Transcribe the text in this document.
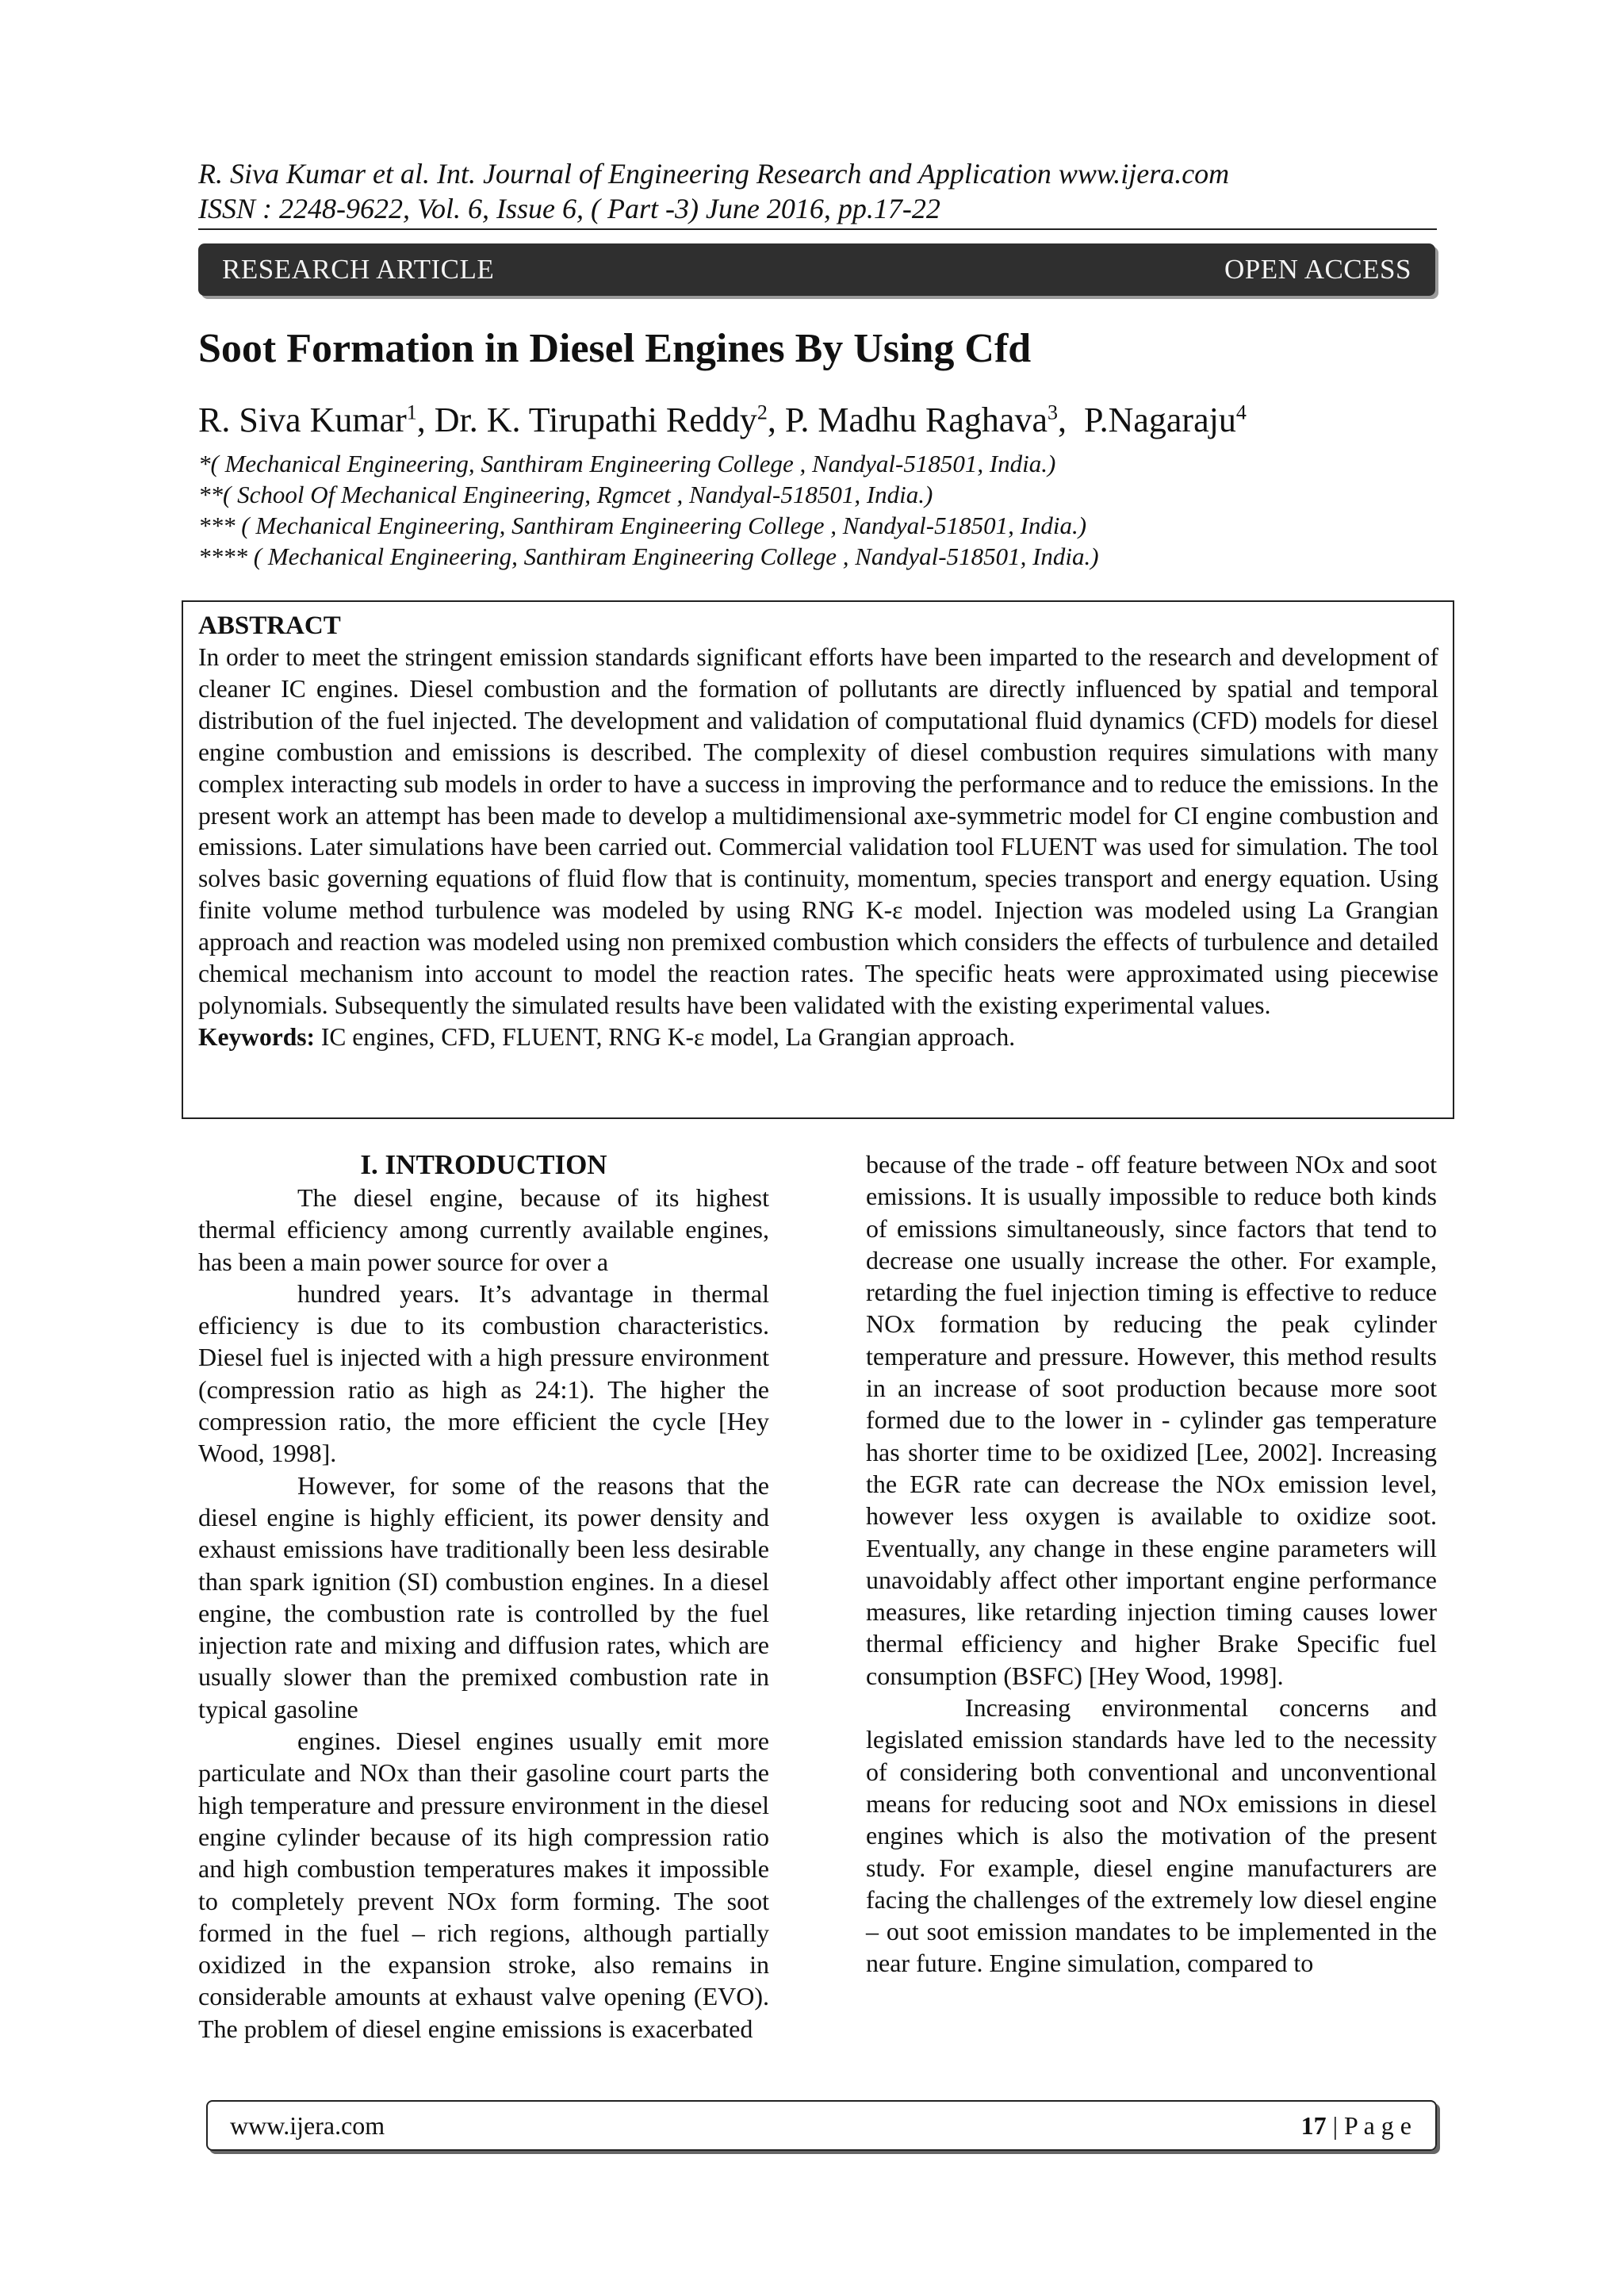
R. Siva Kumar et al. Int. Journal of Engineering Research and Application www.ijera.com
ISSN : 2248-9622, Vol. 6, Issue 6, ( Part -3) June 2016, pp.17-22
RESEARCH ARTICLE	OPEN ACCESS
Soot Formation in Diesel Engines By Using Cfd
R. Siva Kumar$^1$, Dr. K. Tirupathi Reddy$^2$, P. Madhu Raghava$^3$,  P.Nagaraju$^4$
*( Mechanical Engineering, Santhiram Engineering College , Nandyal-518501, India.)
**( School Of Mechanical Engineering, Rgmcet , Nandyal-518501, India.)
*** ( Mechanical Engineering, Santhiram Engineering College , Nandyal-518501, India.)
**** ( Mechanical Engineering, Santhiram Engineering College , Nandyal-518501, India.)
ABSTRACT

In order to meet the stringent emission standards significant efforts have been imparted to the research and development of cleaner IC engines. Diesel combustion and the formation of pollutants are directly influenced by spatial and temporal distribution of the fuel injected. The development and validation of computational fluid dynamics (CFD) models for diesel engine combustion and emissions is described. The complexity of diesel combustion requires simulations with many complex interacting sub models in order to have a success in improving the performance and to reduce the emissions. In the present work an attempt has been made to develop a multidimensional axe-symmetric model for CI engine combustion and emissions. Later simulations have been carried out. Commercial validation tool FLUENT was used for simulation. The tool solves basic governing equations of fluid flow that is continuity, momentum, species transport and energy equation. Using finite volume method turbulence was modeled by using RNG K-ε model. Injection was modeled using La Grangian approach and reaction was modeled using non premixed combustion which considers the effects of turbulence and detailed chemical mechanism into account to model the reaction rates. The specific heats were approximated using piecewise polynomials. Subsequently the simulated results have been validated with the existing experimental values.

Keywords: IC engines, CFD, FLUENT, RNG K-ε model, La Grangian approach.

I. INTRODUCTION

The diesel engine, because of its highest thermal efficiency among currently available engines, has been a main power source for over a

hundred years. It’s advantage in thermal efficiency is due to its combustion characteristics. Diesel fuel is injected with a high pressure environment (compression ratio as high as 24:1). The higher the compression ratio, the more efficient the cycle [Hey Wood, 1998].

However, for some of the reasons that the diesel engine is highly efficient, its power density and exhaust emissions have traditionally been less desirable than spark ignition (SI) combustion engines. In a diesel engine, the combustion rate is controlled by the fuel injection rate and mixing and diffusion rates, which are usually slower than the premixed combustion rate in typical gasoline

engines. Diesel engines usually emit more particulate and NOx than their gasoline court parts the high temperature and pressure environment in the diesel engine cylinder because of its high compression ratio and high combustion temperatures makes it impossible to completely prevent NOx form forming. The soot formed in the fuel – rich regions, although partially oxidized in the expansion stroke, also remains in considerable amounts at exhaust valve opening (EVO). The problem of diesel engine emissions is exacerbated

because of the trade - off feature between NOx and soot emissions. It is usually impossible to reduce both kinds of emissions simultaneously, since factors that tend to decrease one usually increase the other. For example, retarding the fuel injection timing is effective to reduce NOx formation by reducing the peak cylinder temperature and pressure. However, this method results in an increase of soot production because more soot formed due to the lower in - cylinder gas temperature has shorter time to be oxidized [Lee, 2002]. Increasing the EGR rate can decrease the NOx emission level, however less oxygen is available to oxidize soot. Eventually, any change in these engine parameters will unavoidably affect other important engine performance measures, like retarding injection timing causes lower thermal efficiency and higher Brake Specific fuel consumption (BSFC) [Hey Wood, 1998].

Increasing environmental concerns and legislated emission standards have led to the necessity of considering both conventional and unconventional means for reducing soot and NOx emissions in diesel engines which is also the motivation of the present study. For example, diesel engine manufacturers are facing the challenges of the extremely low diesel engine – out soot emission mandates to be implemented in the near future. Engine simulation, compared to

www.ijera.com	17 | P a g e
